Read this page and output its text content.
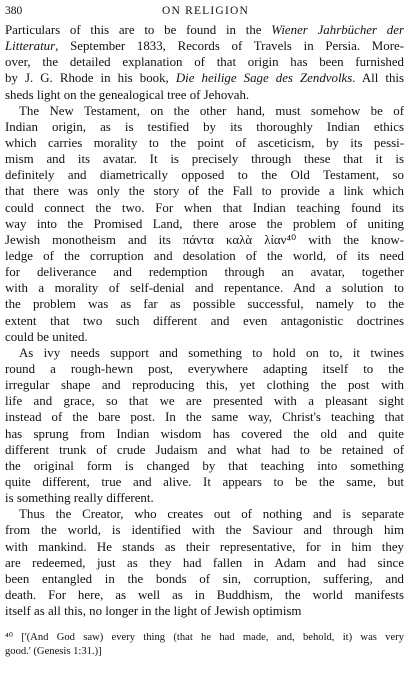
380	ON RELIGION
Particulars of this are to be found in the Wiener Jahrbücher der
Litteratur, September 1833, Records of Travels in Persia. More-
over, the detailed explanation of that origin has been furnished
by J. G. Rhode in his book, Die heilige Sage des Zendvolks. All this
sheds light on the genealogical tree of Jehovah.
The New Testament, on the other hand, must somehow be of
Indian origin, as is testified by its thoroughly Indian ethics
which carries morality to the point of asceticism, by its pessi-
mism and its avatar. It is precisely through these that it is
definitely and diametrically opposed to the Old Testament, so
that there was only the story of the Fall to provide a link which
could connect the two. For when that Indian teaching found its
way into the Promised Land, there arose the problem of uniting
Jewish monotheism and its πάντα καλὰ λίαν⁴⁰ with the know-
ledge of the corruption and desolation of the world, of its need
for deliverance and redemption through an avatar, together
with a morality of self-denial and repentance. And a solution to
the problem was as far as possible successful, namely to the
extent that two such different and even antagonistic doctrines
could be united.
As ivy needs support and something to hold on to, it twines
round a rough-hewn post, everywhere adapting itself to the
irregular shape and reproducing this, yet clothing the post with
life and grace, so that we are presented with a pleasant sight
instead of the bare post. In the same way, Christ's teaching that
has sprung from Indian wisdom has covered the old and quite
different trunk of crude Judaism and what had to be retained of
the original form is changed by that teaching into something
quite different, true and alive. It appears to be the same, but
is something really different.
Thus the Creator, who creates out of nothing and is separate
from the world, is identified with the Saviour and through him
with mankind. He stands as their representative, for in him they
are redeemed, just as they had fallen in Adam and had since
been entangled in the bonds of sin, corruption, suffering, and
death. For here, as well as in Buddhism, the world manifests
itself as all this, no longer in the light of Jewish optimism
⁴⁰ ['(And God saw) every thing (that he had made, and, behold, it) was very
good.' (Genesis 1:31.)]
